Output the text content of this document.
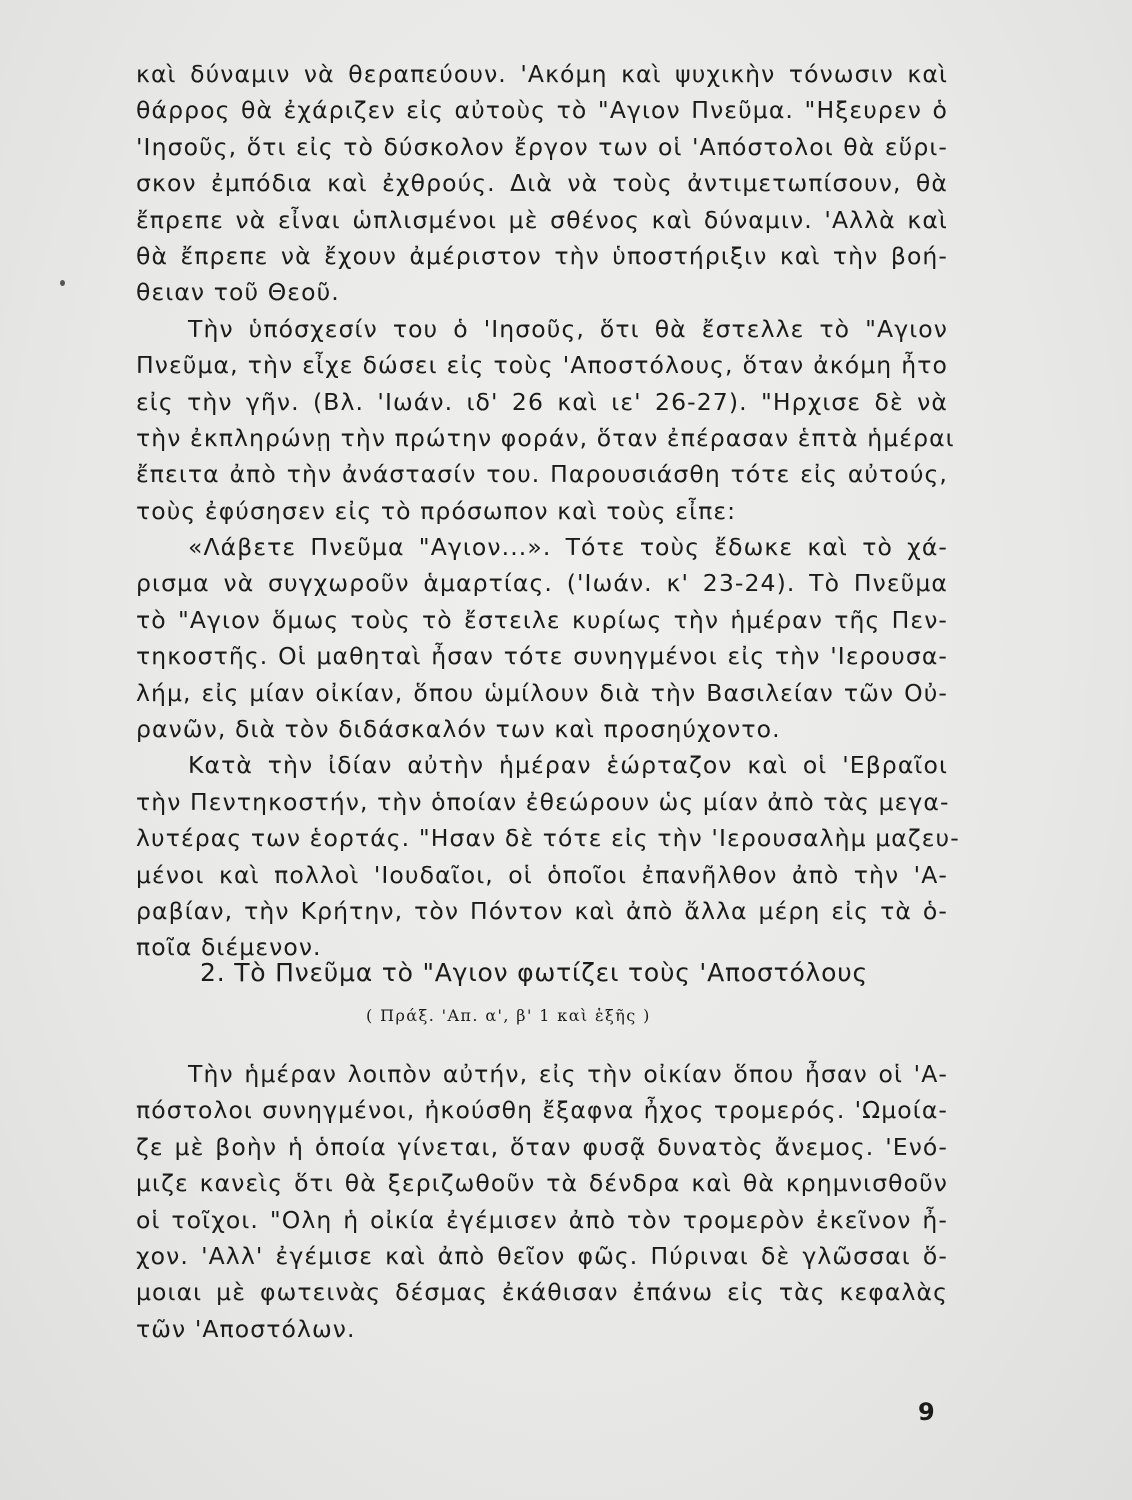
καὶ δύναμιν νὰ θεραπεύουν. 'Ακόμη καὶ ψυχικὴν τόνωσιν καὶ
θάρρος θὰ ἐχάριζεν εἰς αὐτοὺς τὸ "Αγιον Πνεῦμα. "Ηξευρεν ὁ
'Ιησοῦς, ὅτι εἰς τὸ δύσκολον ἔργον των οἱ 'Απόστολοι θὰ εὕρι-
σκον ἐμπόδια καὶ ἐχθρούς. Διὰ νὰ τοὺς ἀντιμετωπίσουν, θὰ
ἔπρεπε νὰ εἶναι ὡπλισμένοι μὲ σθένος καὶ δύναμιν. 'Αλλὰ καὶ
θὰ ἔπρεπε νὰ ἔχουν ἀμέριστον τὴν ὑποστήριξιν καὶ τὴν βοή-
θειαν τοῦ Θεοῦ.
Τὴν ὑπόσχεσίν του ὁ 'Ιησοῦς, ὅτι θὰ ἔστελλε τὸ "Αγιον
Πνεῦμα, τὴν εἶχε δώσει εἰς τοὺς 'Αποστόλους, ὅταν ἀκόμη ἦτο
εἰς τὴν γῆν. (Βλ. 'Ιωάν. ιδ' 26 καὶ ιε' 26-27). "Ηρχισε δὲ νὰ
τὴν ἐκπληρώνῃ τὴν πρώτην φοράν, ὅταν ἐπέρασαν ἑπτὰ ἡμέραι
ἔπειτα ἀπὸ τὴν ἀνάστασίν του. Παρουσιάσθη τότε εἰς αὐτούς,
τοὺς ἐφύσησεν εἰς τὸ πρόσωπον καὶ τοὺς εἶπε:
«Λάβετε Πνεῦμα "Αγιον...». Τότε τοὺς ἔδωκε καὶ τὸ χά-
ρισμα νὰ συγχωροῦν ἁμαρτίας. ('Ιωάν. κ' 23-24). Τὸ Πνεῦμα
τὸ "Αγιον ὅμως τοὺς τὸ ἔστειλε κυρίως τὴν ἡμέραν τῆς Πεν-
τηκοστῆς. Οἱ μαθηταὶ ἦσαν τότε συνηγμένοι εἰς τὴν 'Ιερουσα-
λήμ, εἰς μίαν οἰκίαν, ὅπου ὡμίλουν διὰ τὴν Βασιλείαν τῶν Οὐ-
ρανῶν, διὰ τὸν διδάσκαλόν των καὶ προσηύχοντο.
Κατὰ τὴν ἰδίαν αὐτὴν ἡμέραν ἑώρταζον καὶ οἱ 'Εβραῖοι
τὴν Πεντηκοστήν, τὴν ὁποίαν ἐθεώρουν ὡς μίαν ἀπὸ τὰς μεγα-
λυτέρας των ἑορτάς. "Ησαν δὲ τότε εἰς τὴν 'Ιερουσαλὴμ μαζευ-
μένοι καὶ πολλοὶ 'Ιουδαῖοι, οἱ ὁποῖοι ἐπανῆλθον ἀπὸ τὴν 'Α-
ραβίαν, τὴν Κρήτην, τὸν Πόντον καὶ ἀπὸ ἄλλα μέρη εἰς τὰ ὁ-
ποῖα διέμενον.
2. Τὸ Πνεῦμα τὸ "Αγιον φωτίζει τοὺς 'Αποστόλους
( Πράξ. 'Απ. α', β' 1 καὶ ἑξῆς )
Τὴν ἡμέραν λοιπὸν αὐτήν, εἰς τὴν οἰκίαν ὅπου ἦσαν οἱ 'Α-
πόστολοι συνηγμένοι, ἠκούσθη ἔξαφνα ἦχος τρομερός. 'Ωμοία-
ζε μὲ βοὴν ἡ ὁποία γίνεται, ὅταν φυσᾷ δυνατὸς ἄνεμος. 'Ενό-
μιζε κανεὶς ὅτι θὰ ξεριζωθοῦν τὰ δένδρα καὶ θὰ κρημνισθοῦν
οἱ τοῖχοι. "Ολη ἡ οἰκία ἐγέμισεν ἀπὸ τὸν τρομερὸν ἐκεῖνον ἦ-
χον. 'Αλλ' ἐγέμισε καὶ ἀπὸ θεῖον φῶς. Πύριναι δὲ γλῶσσαι ὅ-
μοιαι μὲ φωτεινὰς δέσμας ἐκάθισαν ἐπάνω εἰς τὰς κεφαλὰς
τῶν 'Αποστόλων.
9
